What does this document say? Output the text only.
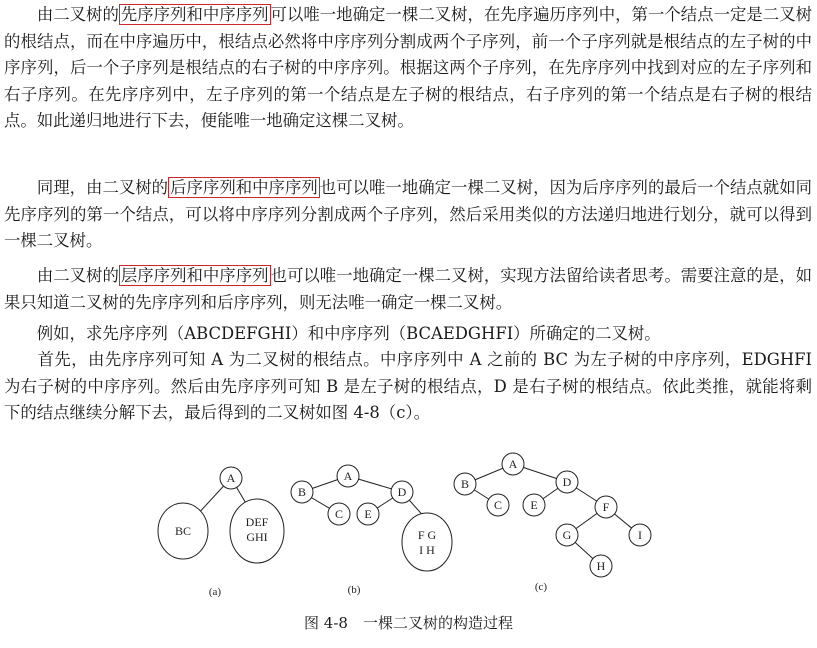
　　由二叉树的 先序序列和中序序列 可以唯一地确定一棵二叉树，在先序遍历序列中，第一个结点一定是二叉树的根结点，而在中序遍历中，根结点必然将中序序列分割成两个子序列，前一个子序列就是根结点的左子树的中序序列，后一个子序列是根结点的右子树的中序序列。根据这两个子序列，在先序序列中找到对应的左子序列和右子序列。在先序序列中，左子序列的第一个结点是左子树的根结点，右子序列的第一个结点是右子树的根结点。如此递归地进行下去，便能唯一地确定这棵二叉树。

　　同理，由二叉树的 后序序列和中序序列 也可以唯一地确定一棵二叉树，因为后序序列的最后一个结点就如同先序序列的第一个结点，可以将中序序列分割成两个子序列，然后采用类似的方法递归地进行划分，就可以得到一棵二叉树。

　　由二叉树的 层序序列和中序序列 也可以唯一地确定一棵二叉树，实现方法留给读者思考。需要注意的是，如果只知道二叉树的先序序列和后序序列，则无法唯一确定一棵二叉树。

　　例如，求先序序列（ABCDEFGHI）和中序序列（BCAEDGHFI）所确定的二叉树。

　　首先，由先序序列可知 A 为二叉树的根结点。中序序列中 A 之前的 BC 为左子树的中序序列，EDGHFI 为右子树的中序序列。然后由先序序列可知 B 是左子树的根结点，D 是右子树的根结点。依此类推，就能将剩下的结点继续分解下去，最后得到的二叉树如图 4-8（c）。

A
BC
DEF
GHI
(a)
A
B	D
C E
F G
I H
(b)
A
B	D
C E	F
G	I
H
(c)
图 4-8　一棵二叉树的构造过程
